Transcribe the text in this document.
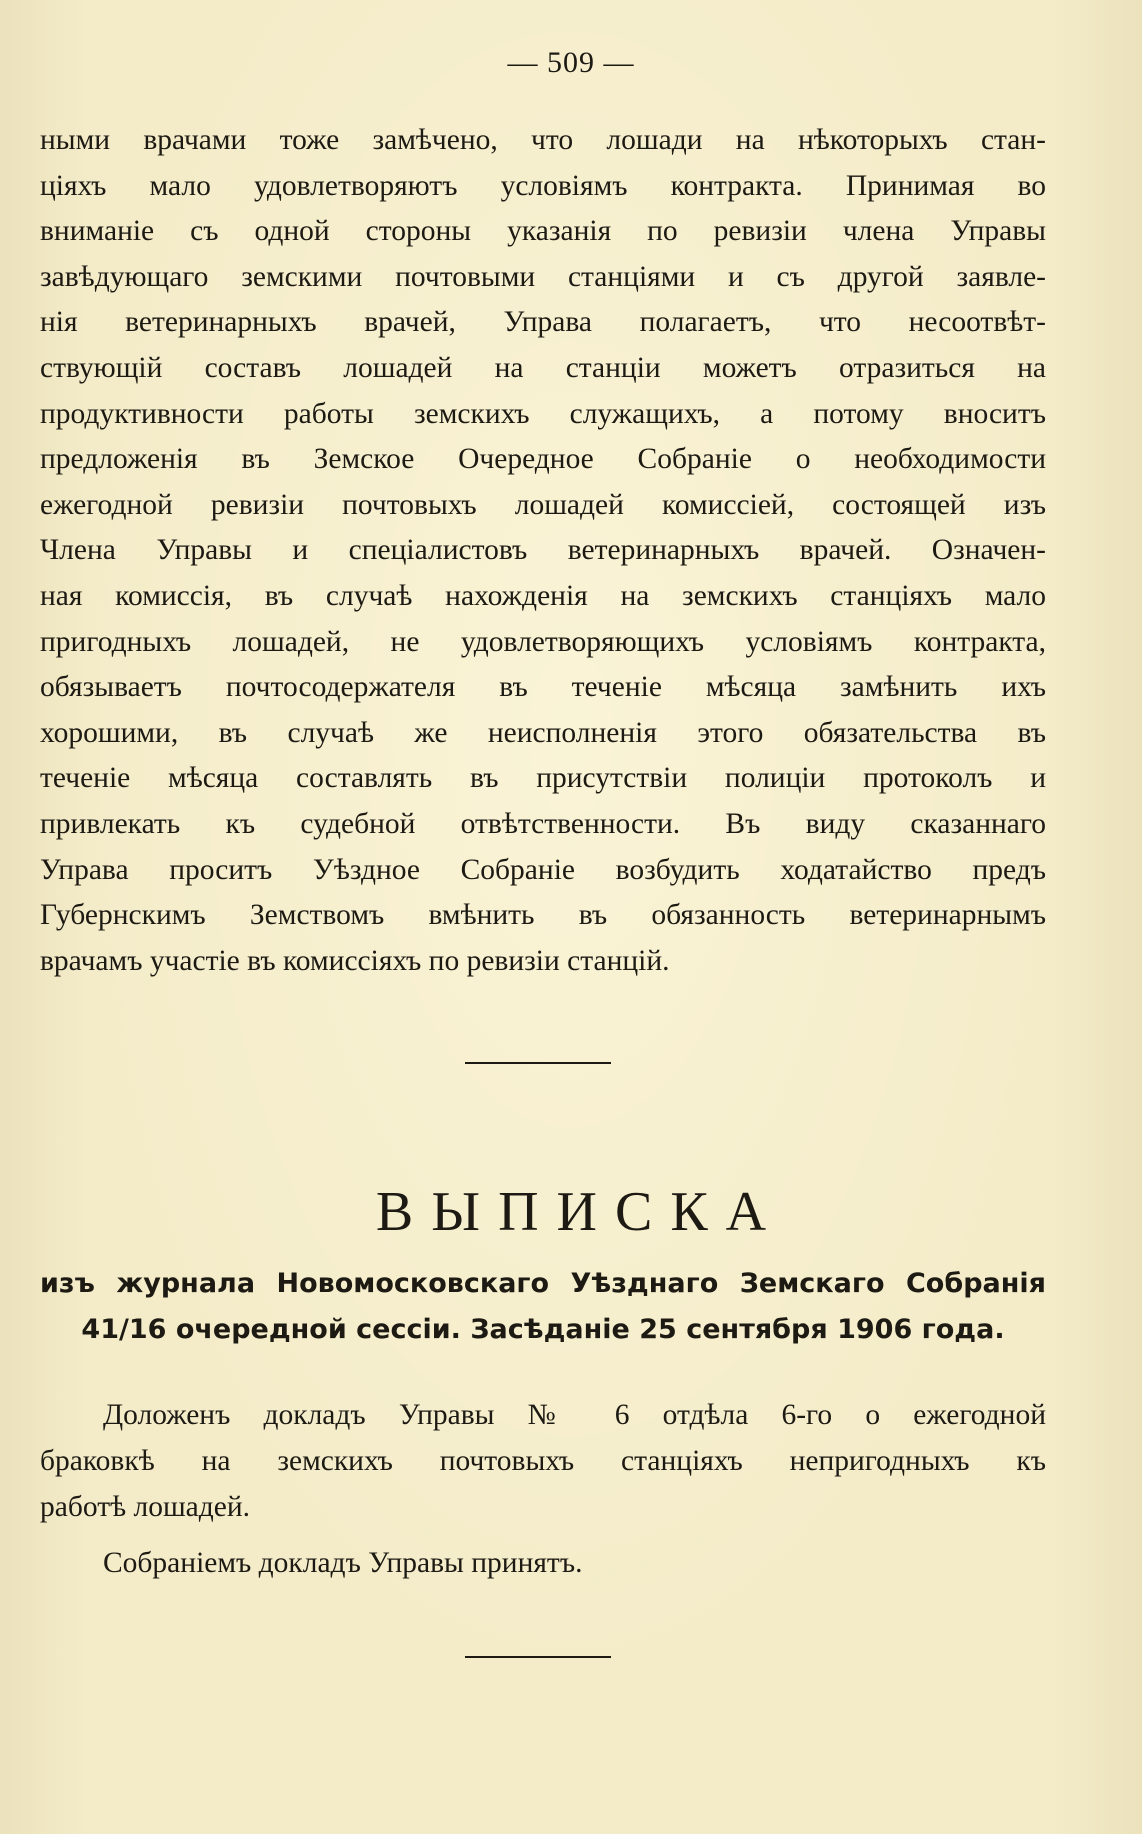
— 509 —
ными врачами тоже замѣчено, что лошади на нѣкоторыхъ стан-
ціяхъ мало удовлетворяютъ условіямъ контракта. Принимая во
вниманіе съ одной стороны указанія по ревизіи члена Управы
завѣдующаго земскими почтовыми станціями и съ другой заявле-
нія ветеринарныхъ врачей, Управа полагаетъ, что несоотвѣт-
ствующій составъ лошадей на станціи можетъ отразиться на
продуктивности работы земскихъ служащихъ, а потому вноситъ
предложенія въ Земское Очередное Собраніе о необходимости
ежегодной ревизіи почтовыхъ лошадей комиссіей, состоящей изъ
Члена Управы и спеціалистовъ ветеринарныхъ врачей. Означен-
ная комиссія, въ случаѣ нахожденія на земскихъ станціяхъ мало
пригодныхъ лошадей, не удовлетворяющихъ условіямъ контракта,
обязываетъ почтосодержателя въ теченіе мѣсяца замѣнить ихъ
хорошими, въ случаѣ же неисполненія этого обязательства въ
теченіе мѣсяца составлять въ присутствіи полиціи протоколъ и
привлекать къ судебной отвѣтственности. Въ виду сказаннаго
Управа проситъ Уѣздное Собраніе возбудить ходатайство предъ
Губернскимъ Земствомъ вмѣнить въ обязанность ветеринарнымъ
врачамъ участіе въ комиссіяхъ по ревизіи станцій.
ВЫПИСКА
изъ журнала Новомосковскаго Уѣзднаго Земскаго Собранія
41/16 очередной сессіи. Засѣданіе 25 сентября 1906 года.
Доложенъ докладъ Управы № 6 отдѣла 6-го о ежегодной
браковкѣ на земскихъ почтовыхъ станціяхъ непригодныхъ къ
работѣ лошадей.
Собраніемъ докладъ Управы принятъ.
